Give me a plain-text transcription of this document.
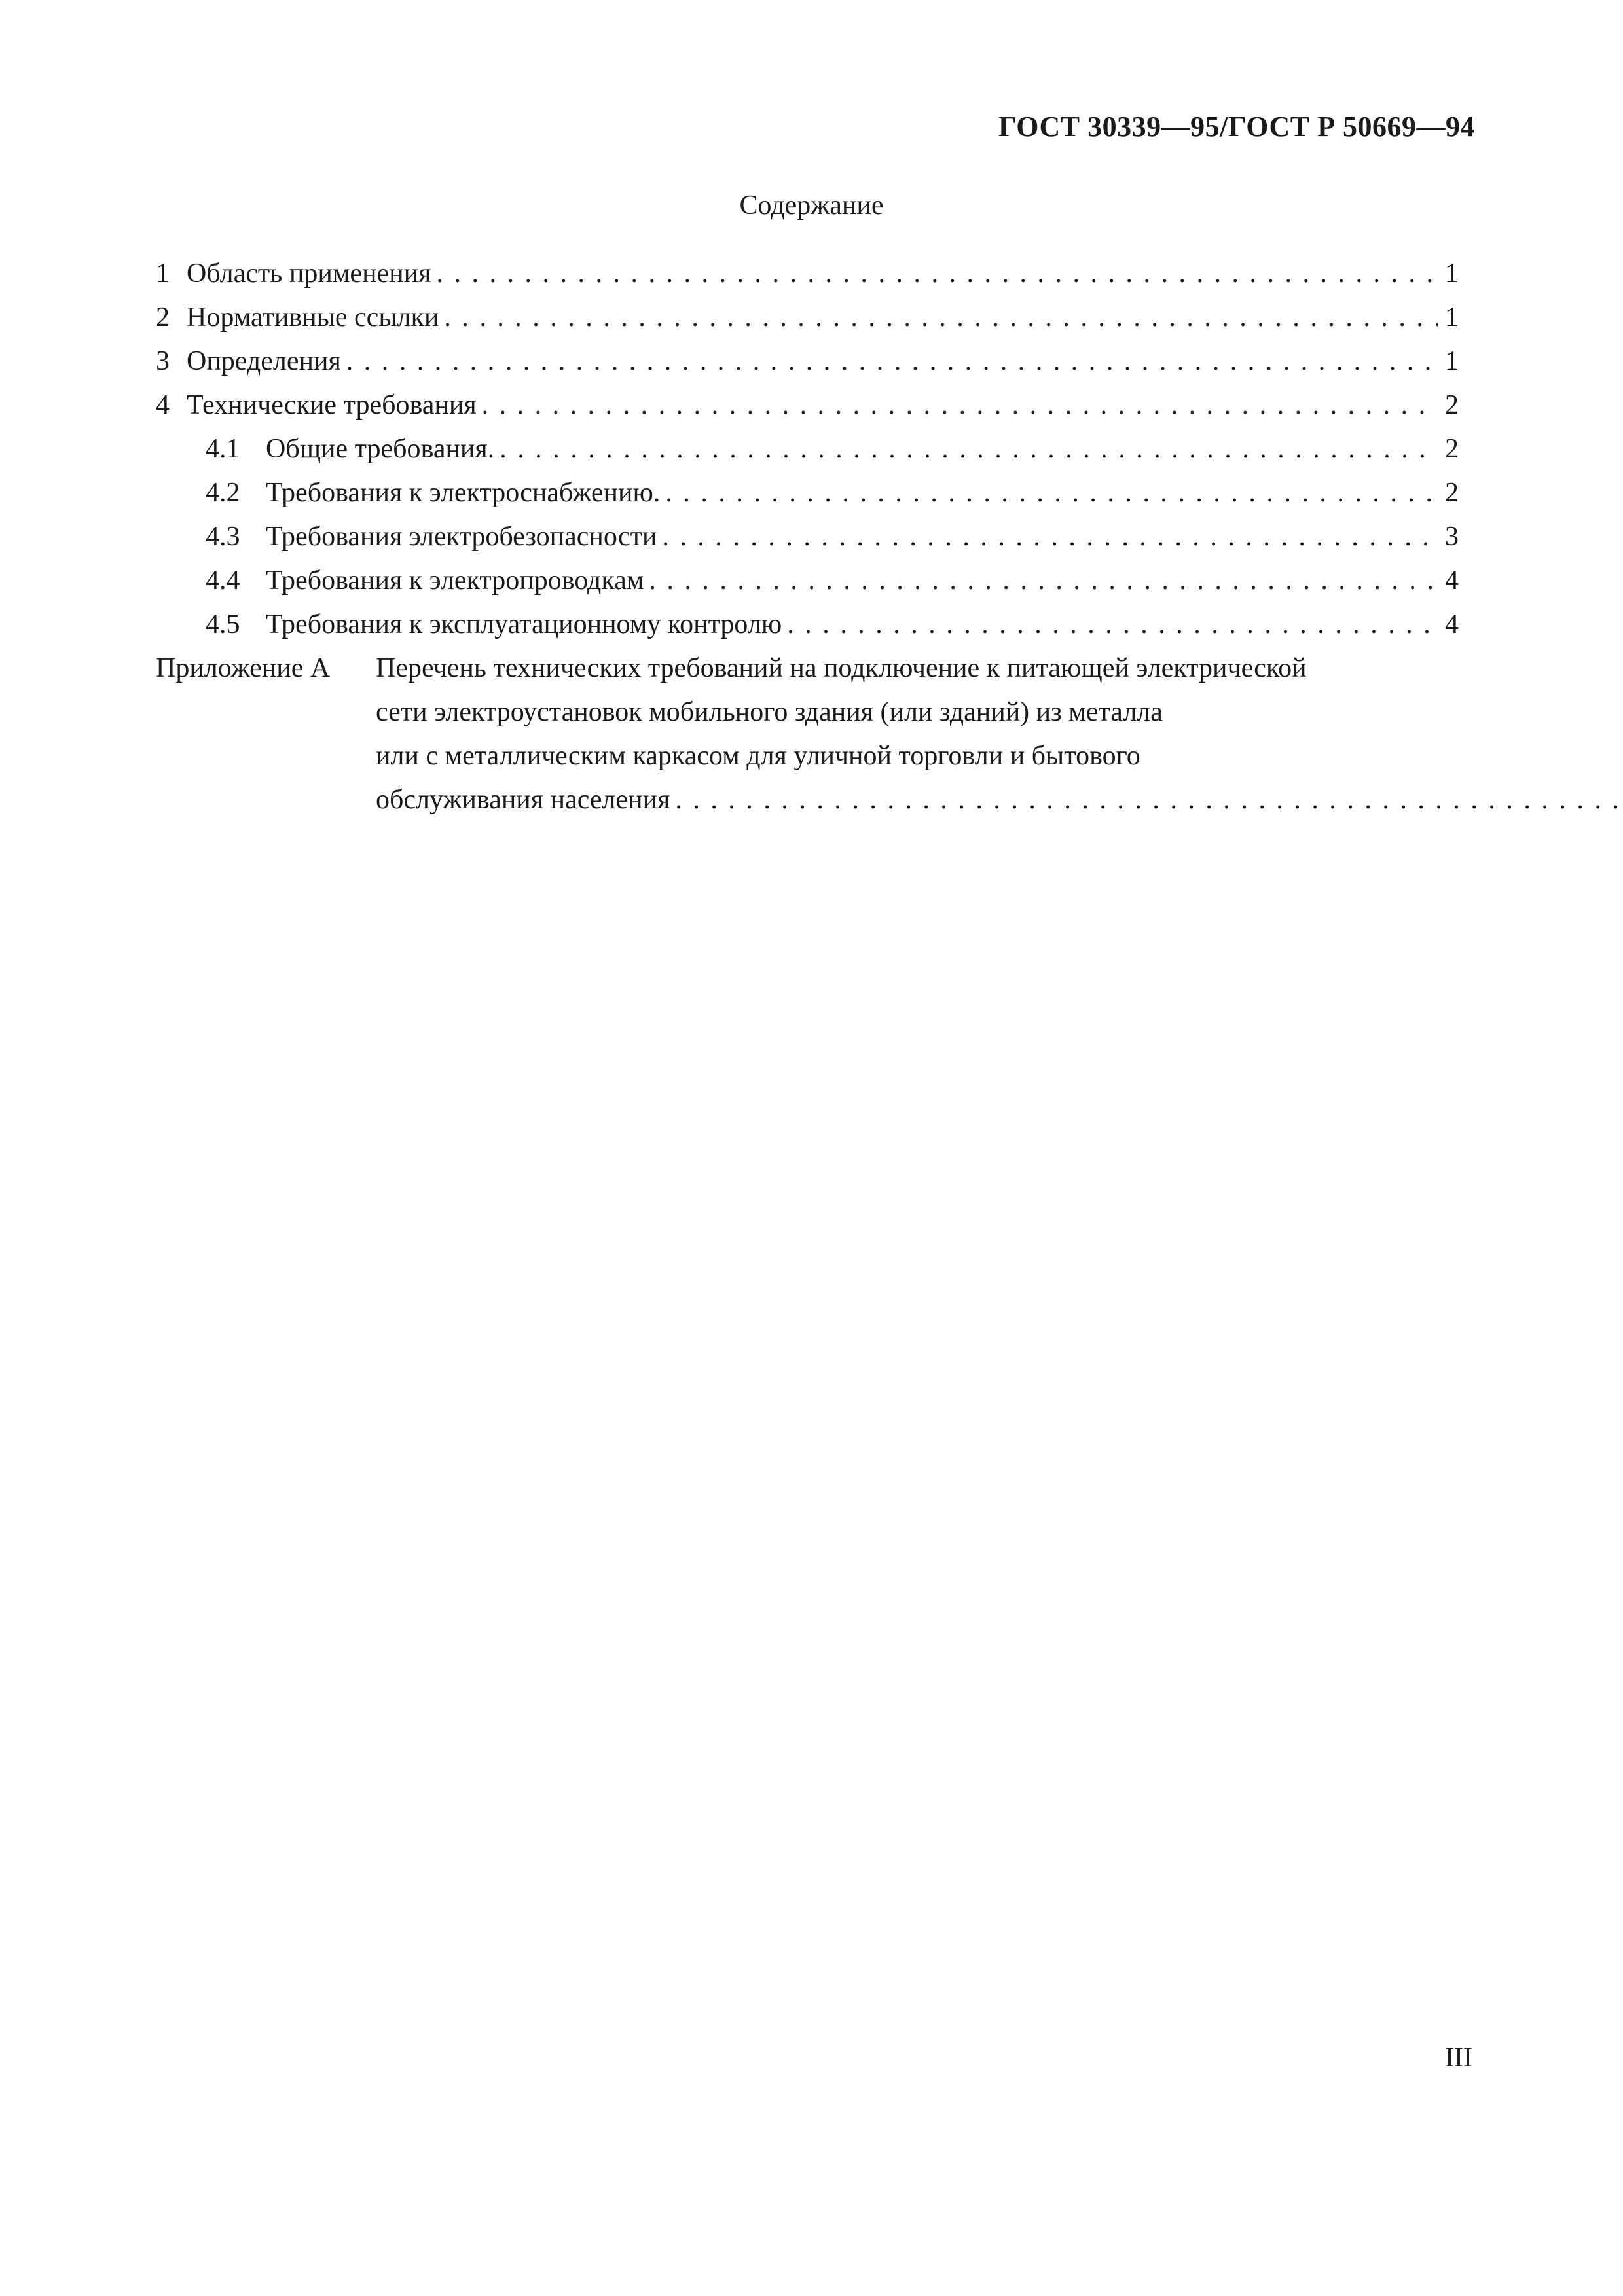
ГОСТ 30339—95/ГОСТ Р 50669—94
Содержание
1 Область применения . . .	1
2 Нормативные ссылки . . .	1
3 Определения . . .	1
4 Технические требования . . .	2
4.1 Общие требования. . . .	2
4.2 Требования к электроснабжению. . . .	2
4.3 Требования электробезопасности . . .	3
4.4 Требования к электропроводкам . . .	4
4.5 Требования к эксплуатационному контролю . . .	4
Приложение А	Перечень технических требований на подключение к питающей электрической
сети электроустановок мобильного здания (или зданий) из металла
или с металлическим каркасом для уличной торговли и бытового
обслуживания населения
. . .
III
